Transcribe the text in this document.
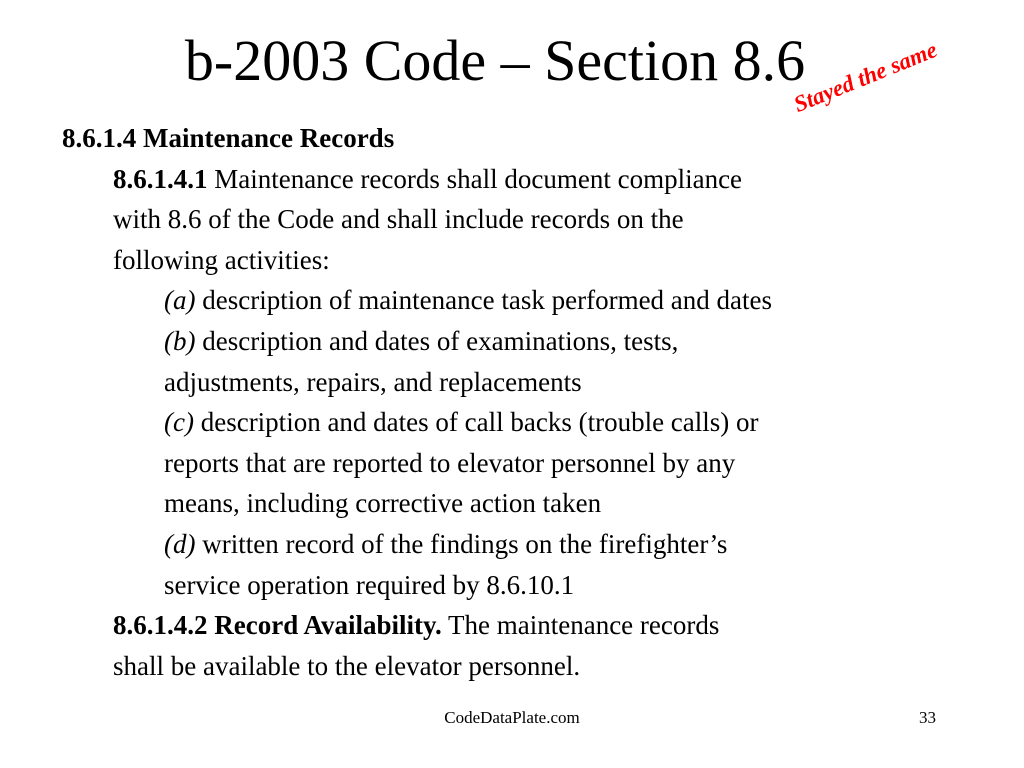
b-2003 Code – Section 8.6
Stayed the same
8.6.1.4 Maintenance Records
8.6.1.4.1 Maintenance records shall document compliance
with 8.6 of the Code and shall include records on the
following activities:
(a) description of maintenance task performed and dates
(b) description and dates of examinations, tests,
adjustments, repairs, and replacements
(c) description and dates of call backs (trouble calls) or
reports that are reported to elevator personnel by any
means, including corrective action taken
(d) written record of the findings on the firefighter’s
service operation required by 8.6.10.1
8.6.1.4.2 Record Availability. The maintenance records
shall be available to the elevator personnel.
CodeDataPlate.com	33
